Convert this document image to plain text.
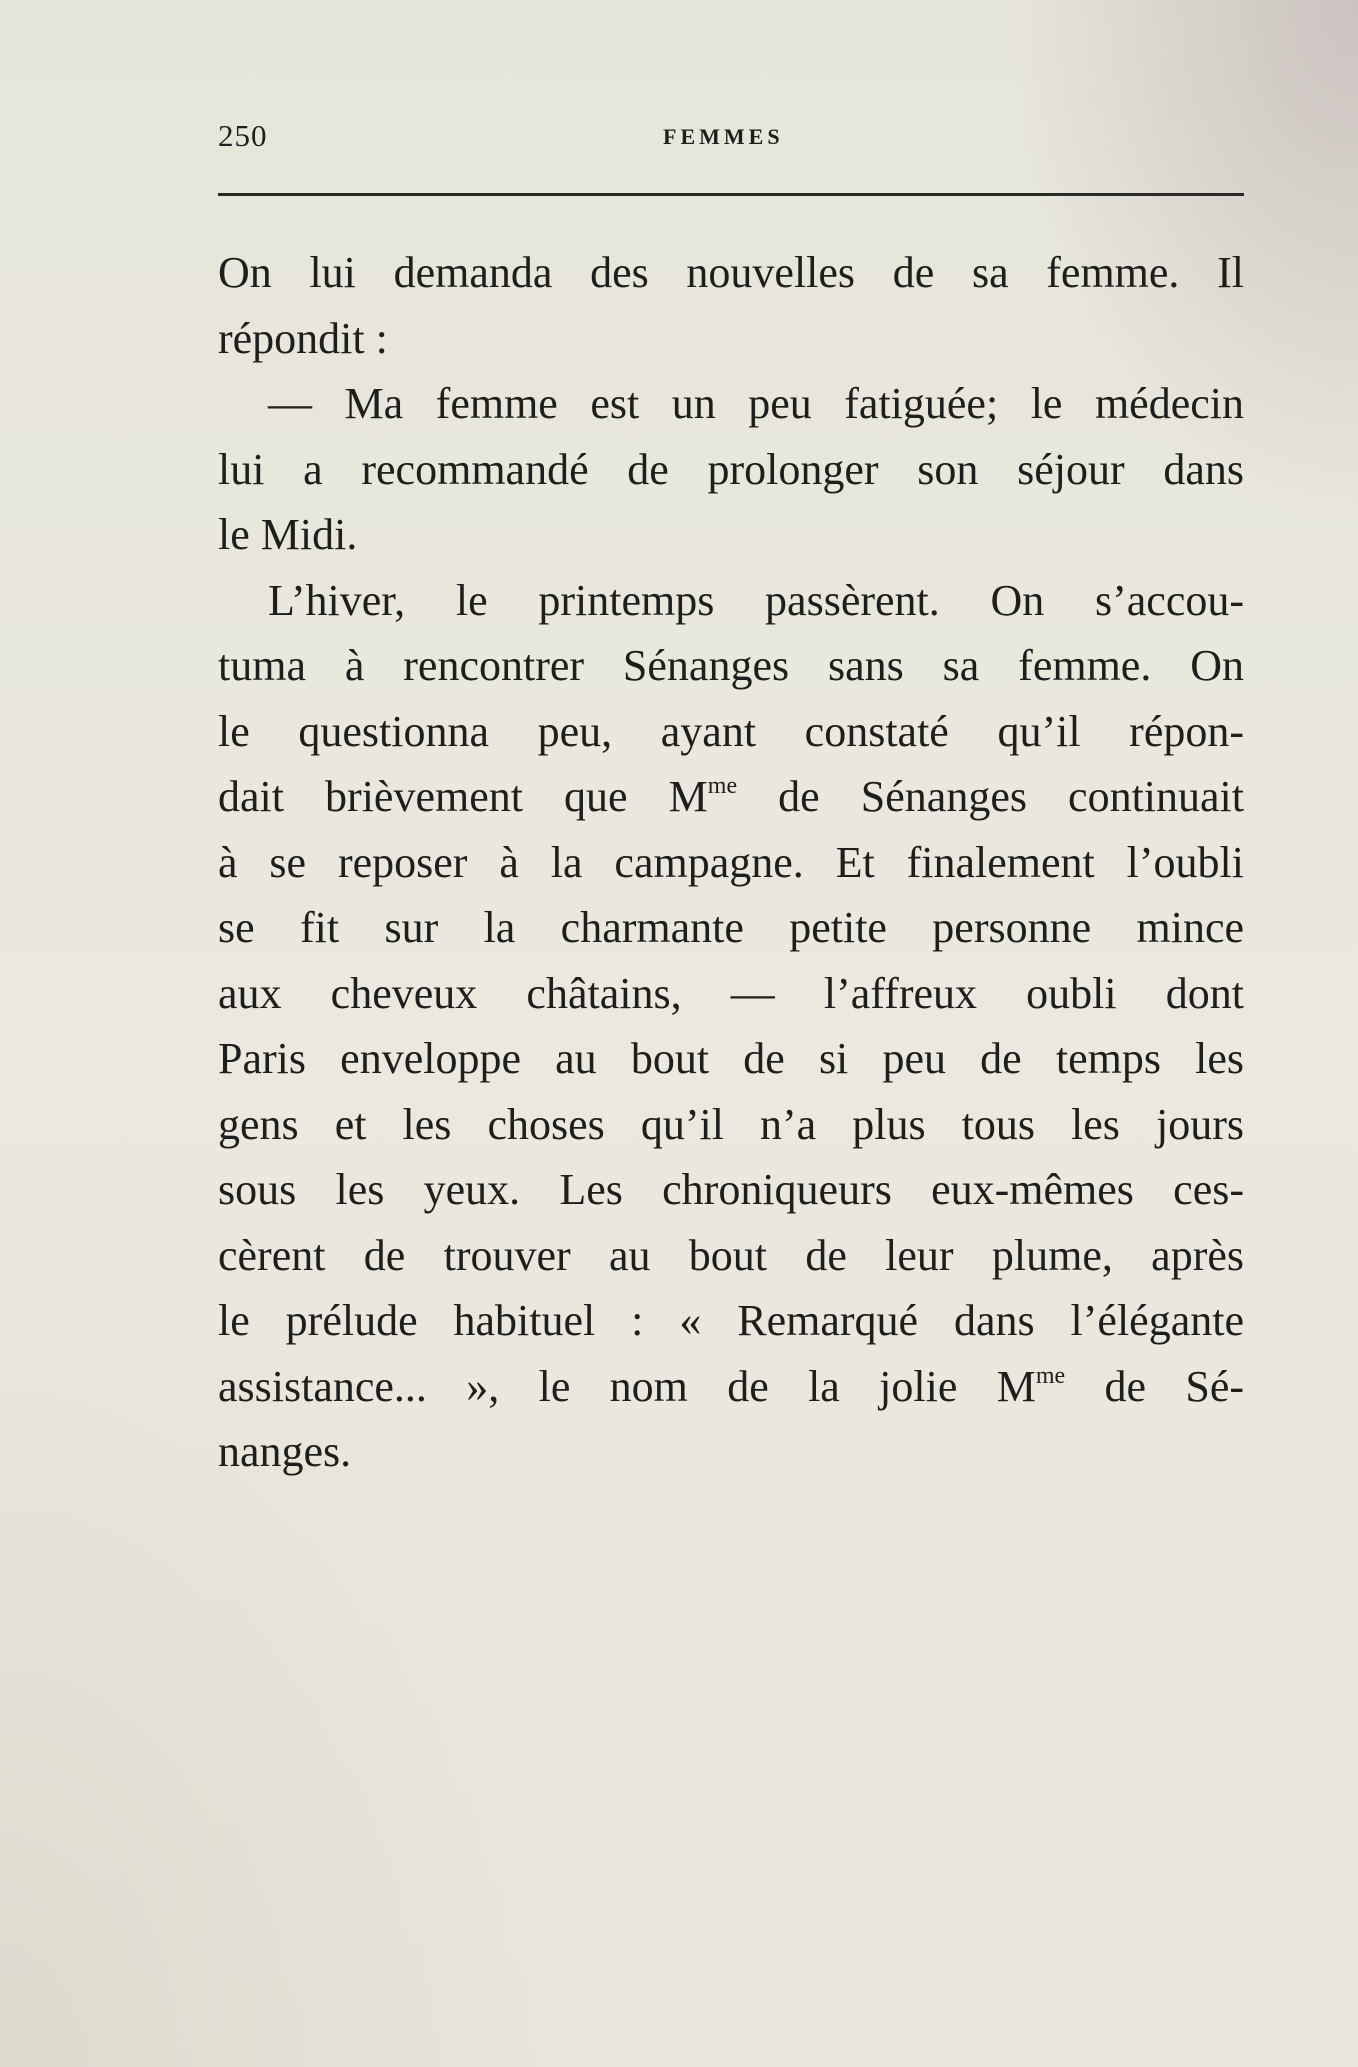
250	FEMMES
On lui demanda des nouvelles de sa femme. Il
répondit :
— Ma femme est un peu fatiguée; le médecin
lui a recommandé de prolonger son séjour dans
le Midi.
L’hiver, le printemps passèrent. On s’accou-
tuma à rencontrer Sénanges sans sa femme. On
le questionna peu, ayant constaté qu’il répon-
dait brièvement que $M^{me}$ de Sénanges continuait
à se reposer à la campagne. Et finalement l’oubli
se fit sur la charmante petite personne mince
aux cheveux châtains, — l’affreux oubli dont
Paris enveloppe au bout de si peu de temps les
gens et les choses qu’il n’a plus tous les jours
sous les yeux. Les chroniqueurs eux-mêmes ces-
cèrent de trouver au bout de leur plume, après
le prélude habituel : « Remarqué dans l’élégante
assistance... », le nom de la jolie $M^{me}$ de Sé-
nanges.
